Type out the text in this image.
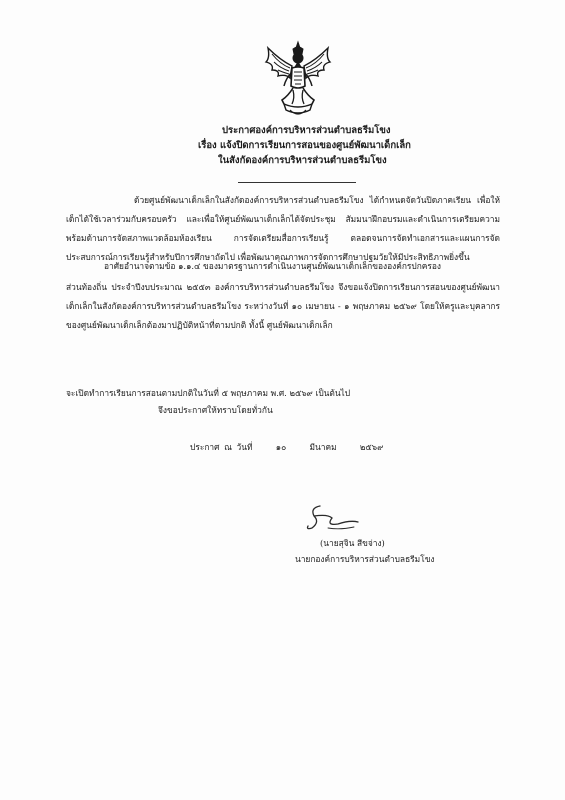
ประกาศองค์การบริหารส่วนตำบลธรีมโขง
เรื่อง แจ้งปิดการเรียนการสอนของศูนย์พัฒนาเด็กเล็ก
ในสังกัดองค์การบริหารส่วนตำบลธรีมโขง
ด้วยศูนย์พัฒนาเด็กเล็กในสังกัดองค์การบริหารส่วนตำบลธรีมโขง ได้กำหนดจัดวันปิดภาคเรียน เพื่อให้เด็กได้ใช้เวลาร่วมกับครอบครัว และเพื่อให้ศูนย์พัฒนาเด็กเล็กได้จัดประชุม สัมมนาฝึกอบรมและดำเนินการเตรียมความพร้อมด้านการจัดสภาพแวดล้อมห้องเรียน การจัดเตรียมสื่อการเรียนรู้ ตลอดจนการจัดทำเอกสารและแผนการจัดประสบการณ์การเรียนรู้สำหรับปีการศึกษาถัดไป เพื่อพัฒนาคุณภาพการจัดการศึกษาปฐมวัยให้มีประสิทธิภาพยิ่งขึ้น
อาศัยอำนาจตามข้อ ๑.๑.๔ ของมาตรฐานการดำเนินงานศูนย์พัฒนาเด็กเล็กขององค์กรปกครอง
ส่วนท้องถิ่น ประจำปีงบประมาณ ๒๕๕๓ องค์การบริหารส่วนตำบลธรีมโขง จึงขอแจ้งปิดการเรียนการสอนของศูนย์พัฒนาเด็กเล็กในสังกัดองค์การบริหารส่วนตำบลธรีมโขง ระหว่างวันที่ ๑๐ เมษายน - ๑ พฤษภาคม ๒๕๖๙ โดยให้ครูและบุคลากรของศูนย์พัฒนาเด็กเล็กต้องมาปฏิบัติหน้าที่ตามปกติ ทั้งนี้ ศูนย์พัฒนาเด็กเล็ก
จะเปิดทำการเรียนการสอนตามปกติในวันที่ ๕ พฤษภาคม พ.ศ. ๒๕๖๙ เป็นต้นไป
จึงขอประกาศให้ทราบโดยทั่วกัน
ประกาศ ณ วันที่	๑๐	มีนาคม	๒๕๖๙
(นายสุจิน สีขจ่าง)
นายกองค์การบริหารส่วนตำบลธรีมโขง
